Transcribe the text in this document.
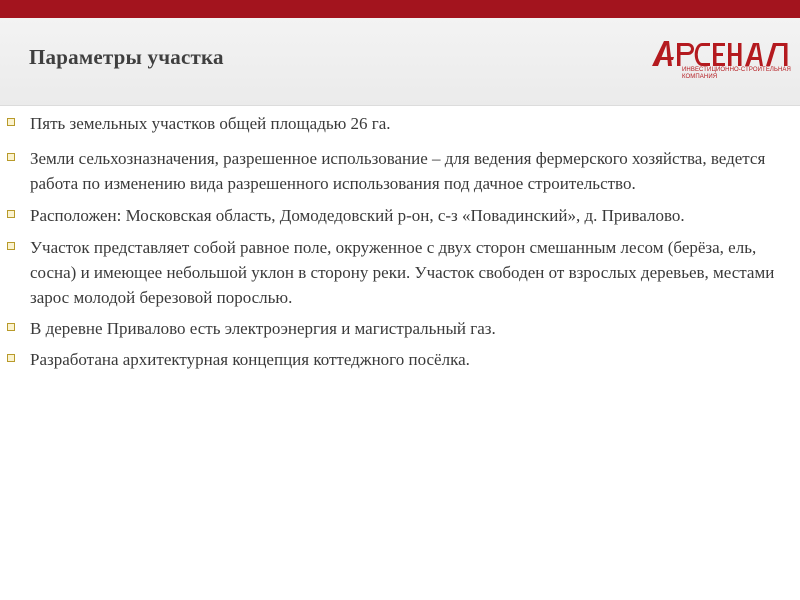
Параметры участка
ИНВЕСТИЦИОННО-СТРОИТЕЛЬНАЯ
КОМПАНИЯ
Пять земельных участков общей площадью 26 га.
Земли сельхозназначения, разрешенное использование – для ведения фермерского хозяйства, ведется работа по изменению вида разрешенного использования под дачное строительство.
Расположен: Московская область, Домодедовский р-он, с-з «Повадинский», д. Привалово.
Участок представляет собой равное поле, окруженное с двух сторон смешанным лесом (берёза, ель, сосна) и имеющее небольшой уклон в сторону реки. Участок свободен от взрослых деревьев, местами зарос молодой березовой порослью.
В деревне Привалово есть электроэнергия и магистральный газ.
Разработана архитектурная концепция коттеджного посёлка.
